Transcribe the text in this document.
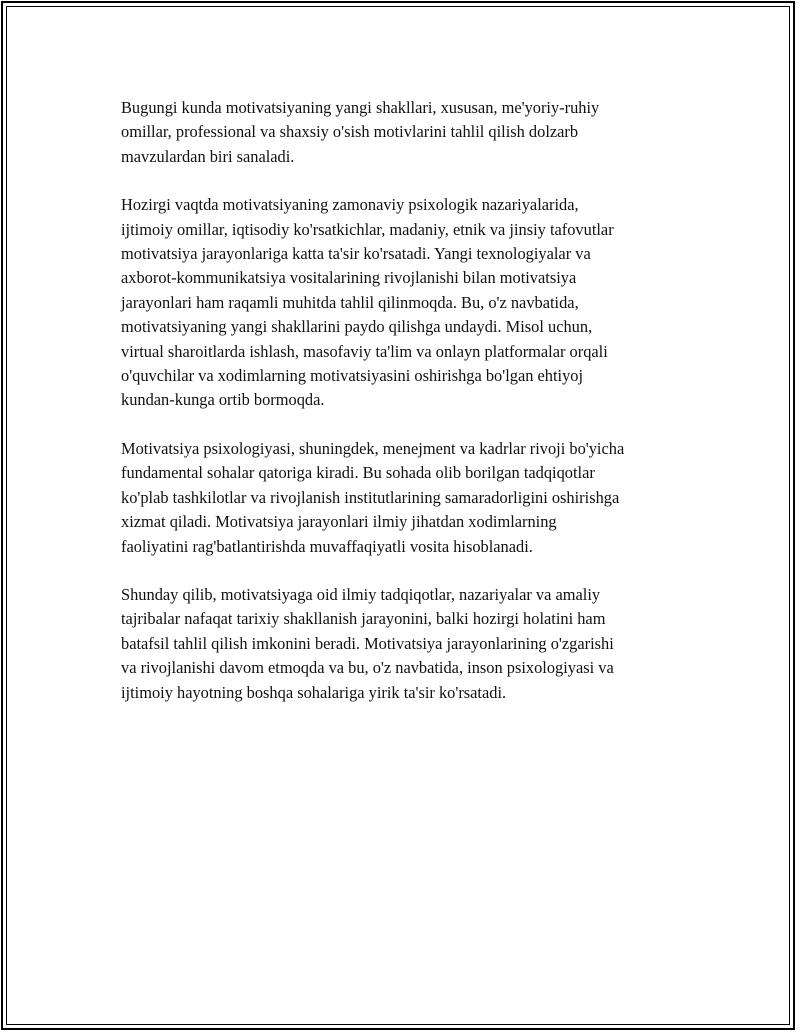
Bugungi kunda motivatsiyaning yangi shakllari, xususan, me'yoriy-ruhiy
omillar, professional va shaxsiy o'sish motivlarini tahlil qilish dolzarb
mavzulardan biri sanaladi.

Hozirgi vaqtda motivatsiyaning zamonaviy psixologik nazariyalarida,
ijtimoiy omillar, iqtisodiy ko'rsatkichlar, madaniy, etnik va jinsiy tafovutlar
motivatsiya jarayonlariga katta ta'sir ko'rsatadi. Yangi texnologiyalar va
axborot-kommunikatsiya vositalarining rivojlanishi bilan motivatsiya
jarayonlari ham raqamli muhitda tahlil qilinmoqda. Bu, o'z navbatida,
motivatsiyaning yangi shakllarini paydo qilishga undaydi. Misol uchun,
virtual sharoitlarda ishlash, masofaviy ta'lim va onlayn platformalar orqali
o'quvchilar va xodimlarning motivatsiyasini oshirishga bo'lgan ehtiyoj
kundan-kunga ortib bormoqda.

Motivatsiya psixologiyasi, shuningdek, menejment va kadrlar rivoji bo'yicha
fundamental sohalar qatoriga kiradi. Bu sohada olib borilgan tadqiqotlar
ko'plab tashkilotlar va rivojlanish institutlarining samaradorligini oshirishga
xizmat qiladi. Motivatsiya jarayonlari ilmiy jihatdan xodimlarning
faoliyatini rag'batlantirishda muvaffaqiyatli vosita hisoblanadi.

Shunday qilib, motivatsiyaga oid ilmiy tadqiqotlar, nazariyalar va amaliy
tajribalar nafaqat tarixiy shakllanish jarayonini, balki hozirgi holatini ham
batafsil tahlil qilish imkonini beradi. Motivatsiya jarayonlarining o'zgarishi
va rivojlanishi davom etmoqda va bu, o'z navbatida, inson psixologiyasi va
ijtimoiy hayotning boshqa sohalariga yirik ta'sir ko'rsatadi.
